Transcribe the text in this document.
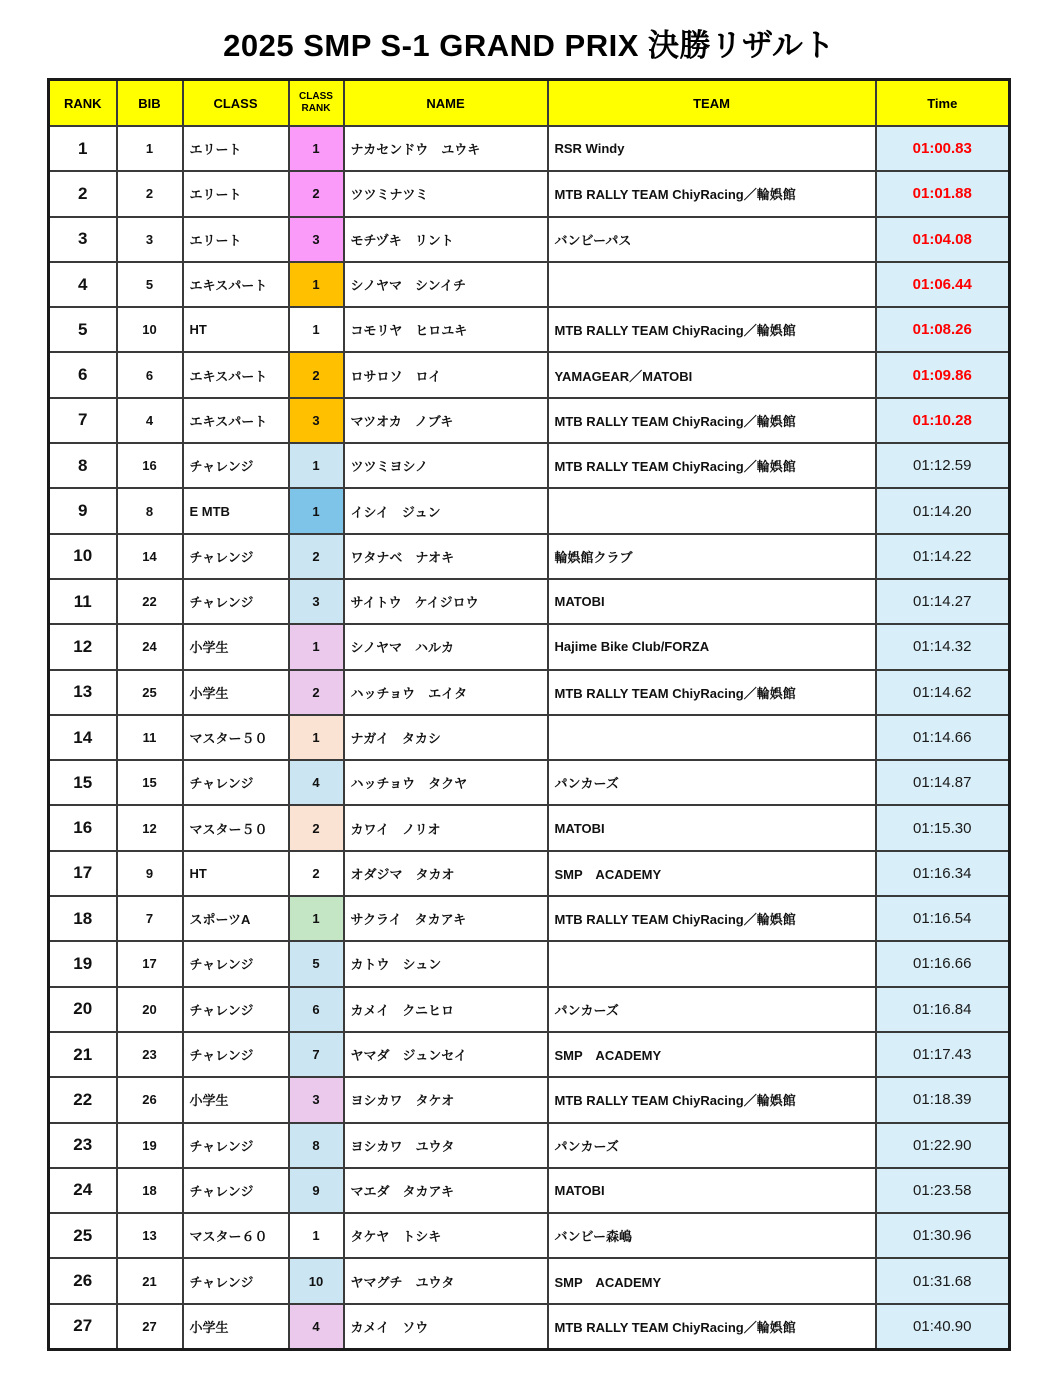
2025 SMP S-1 GRAND PRIX 決勝リザルト
RANK	BIB	CLASS	CLASS RANK	NAME	TEAM	Time
1	1	エリート	1	ナカセンドウ　ユウキ	RSR Windy	01:00.83
2	2	エリート	2	ツツミナツミ	MTB RALLY TEAM ChiyRacing／輪娯館	01:01.88
3	3	エリート	3	モチヅキ　リント	バンビーパス	01:04.08
4	5	エキスパート	1	シノヤマ　シンイチ		01:06.44
5	10	HT	1	コモリヤ　ヒロユキ	MTB RALLY TEAM ChiyRacing／輪娯館	01:08.26
6	6	エキスパート	2	ロサロソ　ロイ	YAMAGEAR／MATOBI	01:09.86
7	4	エキスパート	3	マツオカ　ノブキ	MTB RALLY TEAM ChiyRacing／輪娯館	01:10.28
8	16	チャレンジ	1	ツツミヨシノ	MTB RALLY TEAM ChiyRacing／輪娯館	01:12.59
9	8	E MTB	1	イシイ　ジュン		01:14.20
10	14	チャレンジ	2	ワタナベ　ナオキ	輪娯館クラブ	01:14.22
11	22	チャレンジ	3	サイトウ　ケイジロウ	MATOBI	01:14.27
12	24	小学生	1	シノヤマ　ハルカ	Hajime Bike Club/FORZA	01:14.32
13	25	小学生	2	ハッチョウ　エイタ	MTB RALLY TEAM ChiyRacing／輪娯館	01:14.62
14	11	マスター５０	1	ナガイ　タカシ		01:14.66
15	15	チャレンジ	4	ハッチョウ　タクヤ	パンカーズ	01:14.87
16	12	マスター５０	2	カワイ　ノリオ	MATOBI	01:15.30
17	9	HT	2	オダジマ　タカオ	SMP　ACADEMY	01:16.34
18	7	スポーツA	1	サクライ　タカアキ	MTB RALLY TEAM ChiyRacing／輪娯館	01:16.54
19	17	チャレンジ	5	カトウ　シュン		01:16.66
20	20	チャレンジ	6	カメイ　クニヒロ	パンカーズ	01:16.84
21	23	チャレンジ	7	ヤマダ　ジュンセイ	SMP　ACADEMY	01:17.43
22	26	小学生	3	ヨシカワ　タケオ	MTB RALLY TEAM ChiyRacing／輪娯館	01:18.39
23	19	チャレンジ	8	ヨシカワ　ユウタ	パンカーズ	01:22.90
24	18	チャレンジ	9	マエダ　タカアキ	MATOBI	01:23.58
25	13	マスター６０	1	タケヤ　トシキ	バンビー森嶋	01:30.96
26	21	チャレンジ	10	ヤマグチ　ユウタ	SMP　ACADEMY	01:31.68
27	27	小学生	4	カメイ　ソウ	MTB RALLY TEAM ChiyRacing／輪娯館	01:40.90
